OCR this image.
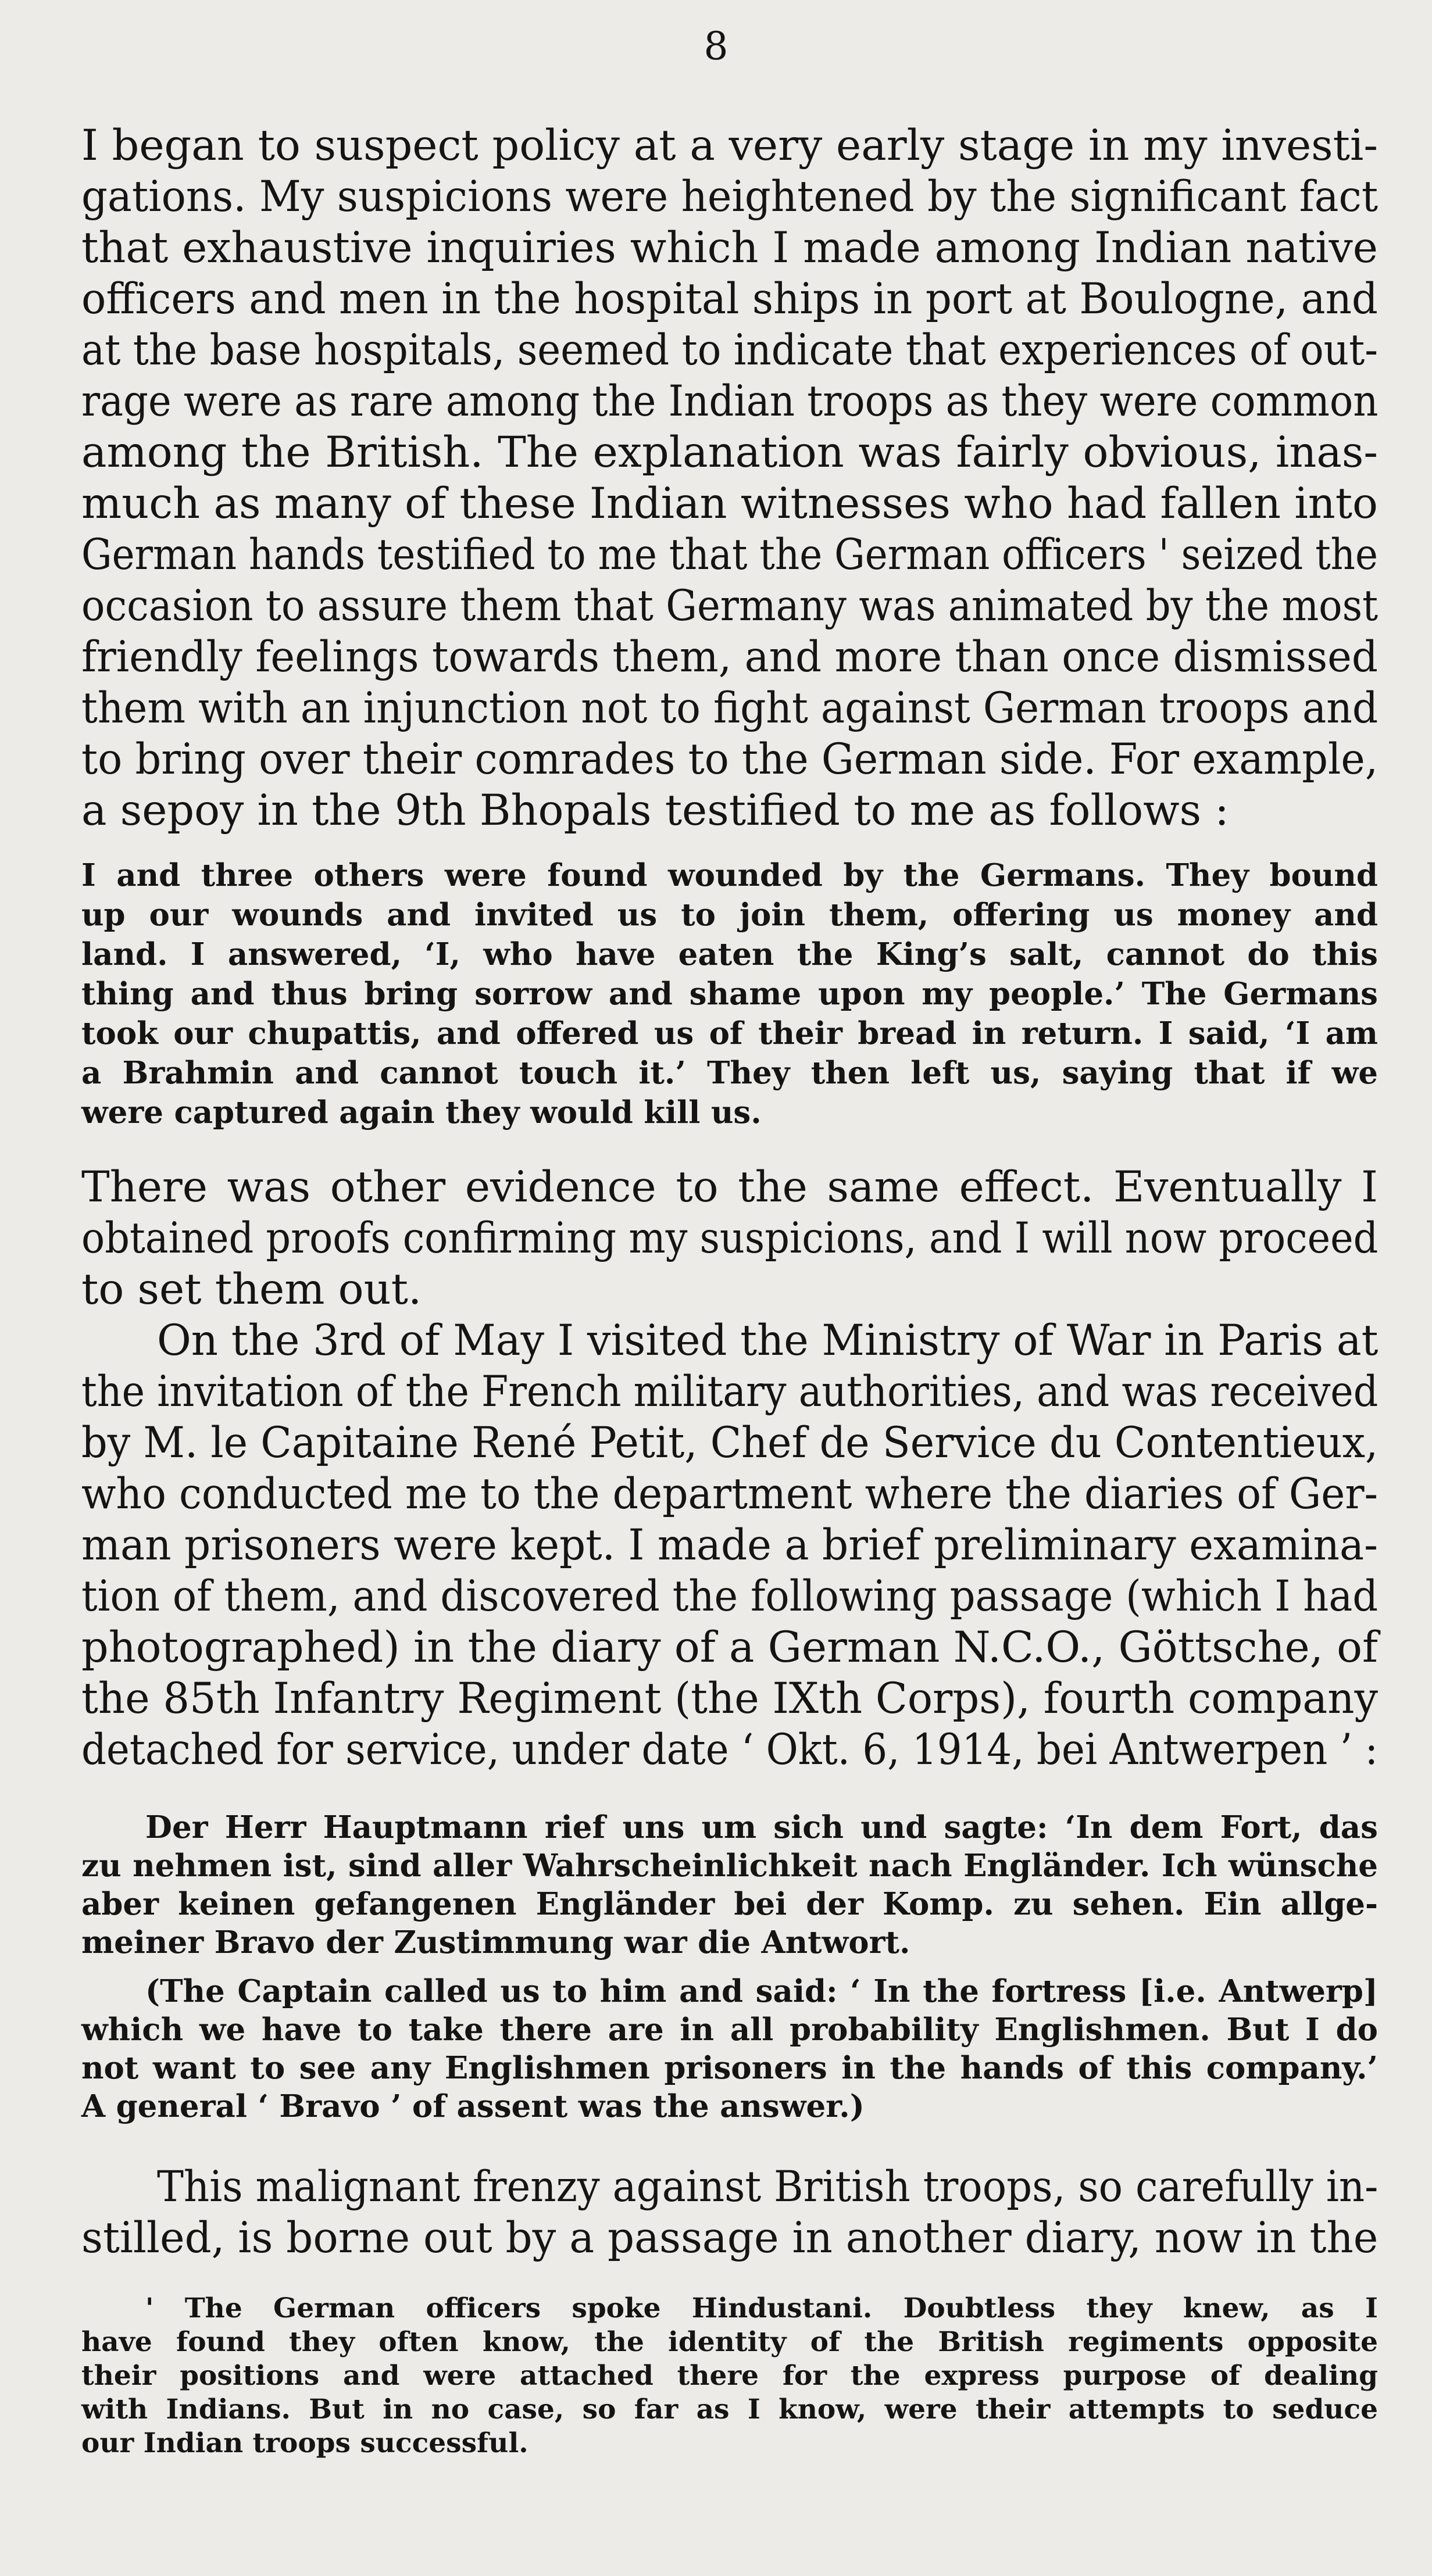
8
I began to suspect policy at a very early stage in my investi-
gations. My suspicions were heightened by the significant fact
that exhaustive inquiries which I made among Indian native
officers and men in the hospital ships in port at Boulogne, and
at the base hospitals, seemed to indicate that experiences of out-
rage were as rare among the Indian troops as they were common
among the British. The explanation was fairly obvious, inas-
much as many of these Indian witnesses who had fallen into
German hands testified to me that the German officers ' seized the
occasion to assure them that Germany was animated by the most
friendly feelings towards them, and more than once dismissed
them with an injunction not to fight against German troops and
to bring over their comrades to the German side. For example,
a sepoy in the 9th Bhopals testified to me as follows :
I and three others were found wounded by the Germans. They bound
up our wounds and invited us to join them, offering us money and
land. I answered, ‘I, who have eaten the King’s salt, cannot do this
thing and thus bring sorrow and shame upon my people.’ The Germans
took our chupattis, and offered us of their bread in return. I said, ‘I am
a Brahmin and cannot touch it.’ They then left us, saying that if we
were captured again they would kill us.
There was other evidence to the same effect. Eventually I
obtained proofs confirming my suspicions, and I will now proceed
to set them out.
On the 3rd of May I visited the Ministry of War in Paris at
the invitation of the French military authorities, and was received
by M. le Capitaine René Petit, Chef de Service du Contentieux,
who conducted me to the department where the diaries of Ger-
man prisoners were kept. I made a brief preliminary examina-
tion of them, and discovered the following passage (which I had
photographed) in the diary of a German N.C.O., Göttsche, of
the 85th Infantry Regiment (the IXth Corps), fourth company
detached for service, under date ‘ Okt. 6, 1914, bei Antwerpen ’ :
Der Herr Hauptmann rief uns um sich und sagte: ‘In dem Fort, das
zu nehmen ist, sind aller Wahrscheinlichkeit nach Engländer. Ich wünsche
aber keinen gefangenen Engländer bei der Komp. zu sehen. Ein allge-
meiner Bravo der Zustimmung war die Antwort.
(The Captain called us to him and said: ‘ In the fortress [i.e. Antwerp]
which we have to take there are in all probability Englishmen. But I do
not want to see any Englishmen prisoners in the hands of this company.’
A general ‘ Bravo ’ of assent was the answer.)
This malignant frenzy against British troops, so carefully in-
stilled, is borne out by a passage in another diary, now in the
' The German officers spoke Hindustani. Doubtless they knew, as I
have found they often know, the identity of the British regiments opposite
their positions and were attached there for the express purpose of dealing
with Indians. But in no case, so far as I know, were their attempts to seduce
our Indian troops successful.
